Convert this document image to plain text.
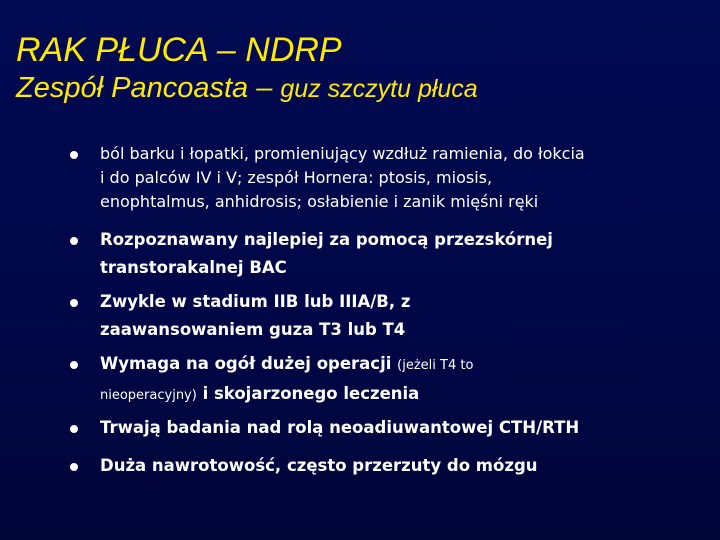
RAK PŁUCA – NDRP
Zespół Pancoasta – guz szczytu płuca
ból barku i łopatki, promieniujący wzdłuż ramienia, do łokcia
i do palców IV i V; zespół Hornera: ptosis, miosis,
enophtalmus, anhidrosis; osłabienie i zanik mięśni ręki
Rozpoznawany najlepiej za pomocą przezskórnej
transtorakalnej BAC
Zwykle w stadium IIB lub IIIA/B, z
zaawansowaniem guza T3 lub T4
Wymaga na ogół dużej operacji (jeżeli T4 to
nieoperacyjny) i skojarzonego leczenia
Trwają badania nad rolą neoadiuwantowej CTH/RTH
Duża nawrotowość, często przerzuty do mózgu
